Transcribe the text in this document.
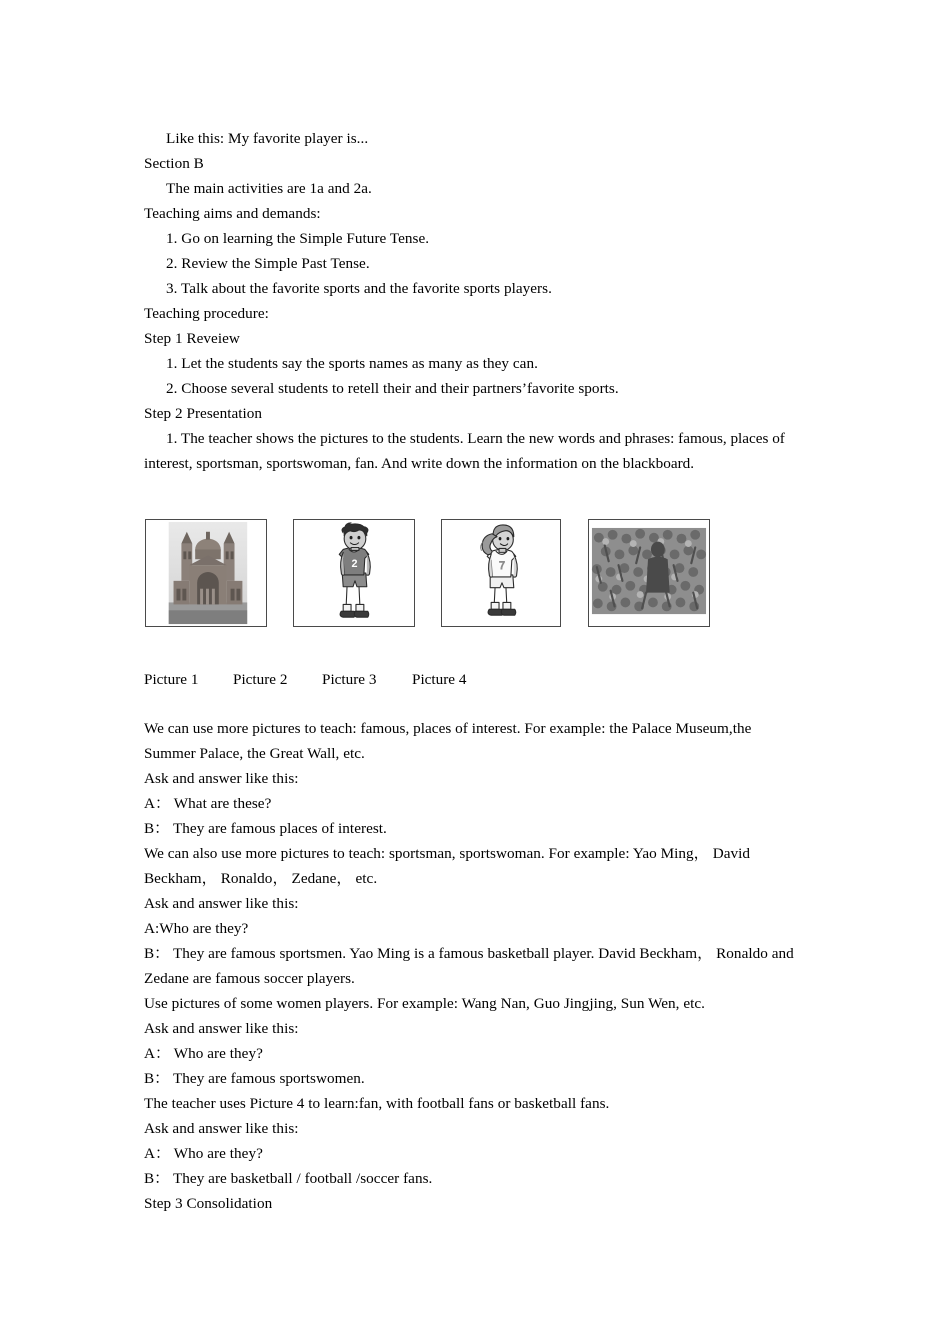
Like this: My favorite player is...
Section B
The main activities are 1a and 2a.
Teaching aims and demands:
1. Go on learning the Simple Future Tense.
2. Review the Simple Past Tense.
3. Talk about the favorite sports and the favorite sports players.
Teaching procedure:
Step 1 Reveiew
1. Let the students say the sports names as many as they can.
2. Choose several students to retell their and their partners’favorite sports.
Step 2 Presentation
1. The teacher shows the pictures to the students. Learn the new words and phrases: famous, places of interest, sportsman, sportswoman, fan. And write down the information on the blackboard.
2	7
Picture 1 Picture 2 Picture 3 Picture 4
We can use more pictures to teach: famous, places of interest. For example: the Palace Museum,the Summer Palace, the Great Wall, etc.
Ask and answer like this:
A： What are these?
B： They are famous places of interest.
We can also use more pictures to teach: sportsman, sportswoman. For example: Yao Ming， David Beckham， Ronaldo， Zedane， etc.
Ask and answer like this:
A:Who are they?
B： They are famous sportsmen. Yao Ming is a famous basketball player. David Beckham， Ronaldo and Zedane are famous soccer players.
Use pictures of some women players. For example: Wang Nan, Guo Jingjing, Sun Wen, etc.
Ask and answer like this:
A： Who are they?
B： They are famous sportswomen.
The teacher uses Picture 4 to learn:fan, with football fans or basketball fans.
Ask and answer like this:
A： Who are they?
B： They are basketball / football /soccer fans.
Step 3 Consolidation
